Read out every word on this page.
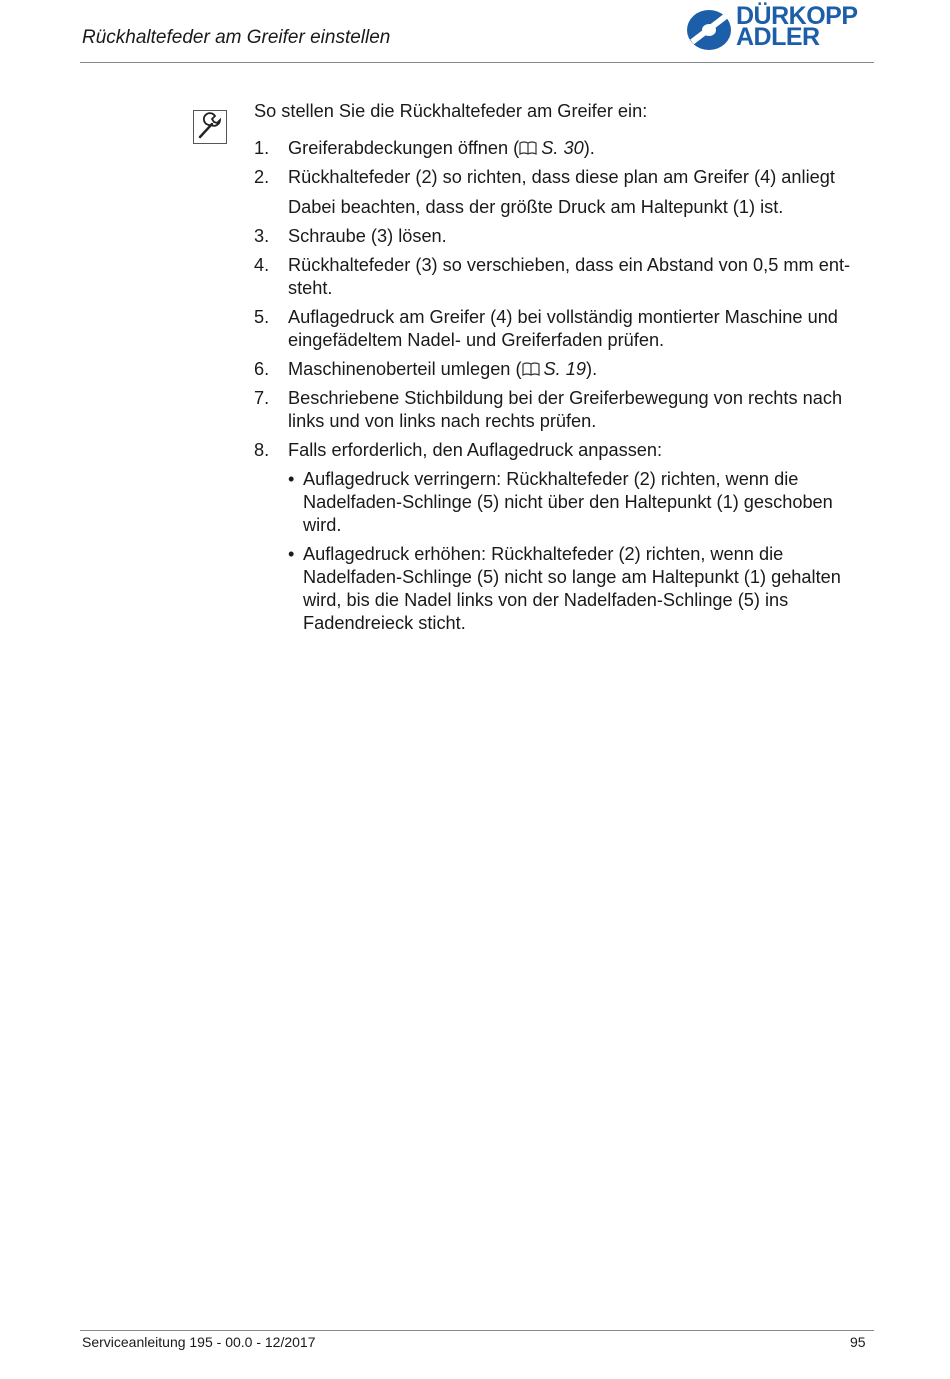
Rückhaltefeder am Greifer einstellen
DÜRKOPP
ADLER

So stellen Sie die Rückhaltefeder am Greifer ein:

1. Greiferabdeckungen öffnen ( S. 30).
2. Rückhaltefeder (2) so richten, dass diese plan am Greifer (4) anliegt
Dabei beachten, dass der größte Druck am Haltepunkt (1) ist.
3. Schraube (3) lösen.
4. Rückhaltefeder (3) so verschieben, dass ein Abstand von 0,5 mm ent-steht.
5. Auflagedruck am Greifer (4) bei vollständig montierter Maschine und eingefädeltem Nadel- und Greiferfaden prüfen.
6. Maschinenoberteil umlegen ( S. 19).
7. Beschriebene Stichbildung bei der Greiferbewegung von rechts nach links und von links nach rechts prüfen.
8. Falls erforderlich, den Auflagedruck anpassen:
• Auflagedruck verringern: Rückhaltefeder (2) richten, wenn die Nadelfaden-Schlinge (5) nicht über den Haltepunkt (1) geschoben wird.
• Auflagedruck erhöhen: Rückhaltefeder (2) richten, wenn die Nadelfaden-Schlinge (5) nicht so lange am Haltepunkt (1) gehalten wird, bis die Nadel links von der Nadelfaden-Schlinge (5) ins Fadendreieck sticht.
Serviceanleitung 195 - 00.0 - 12/2017	95
